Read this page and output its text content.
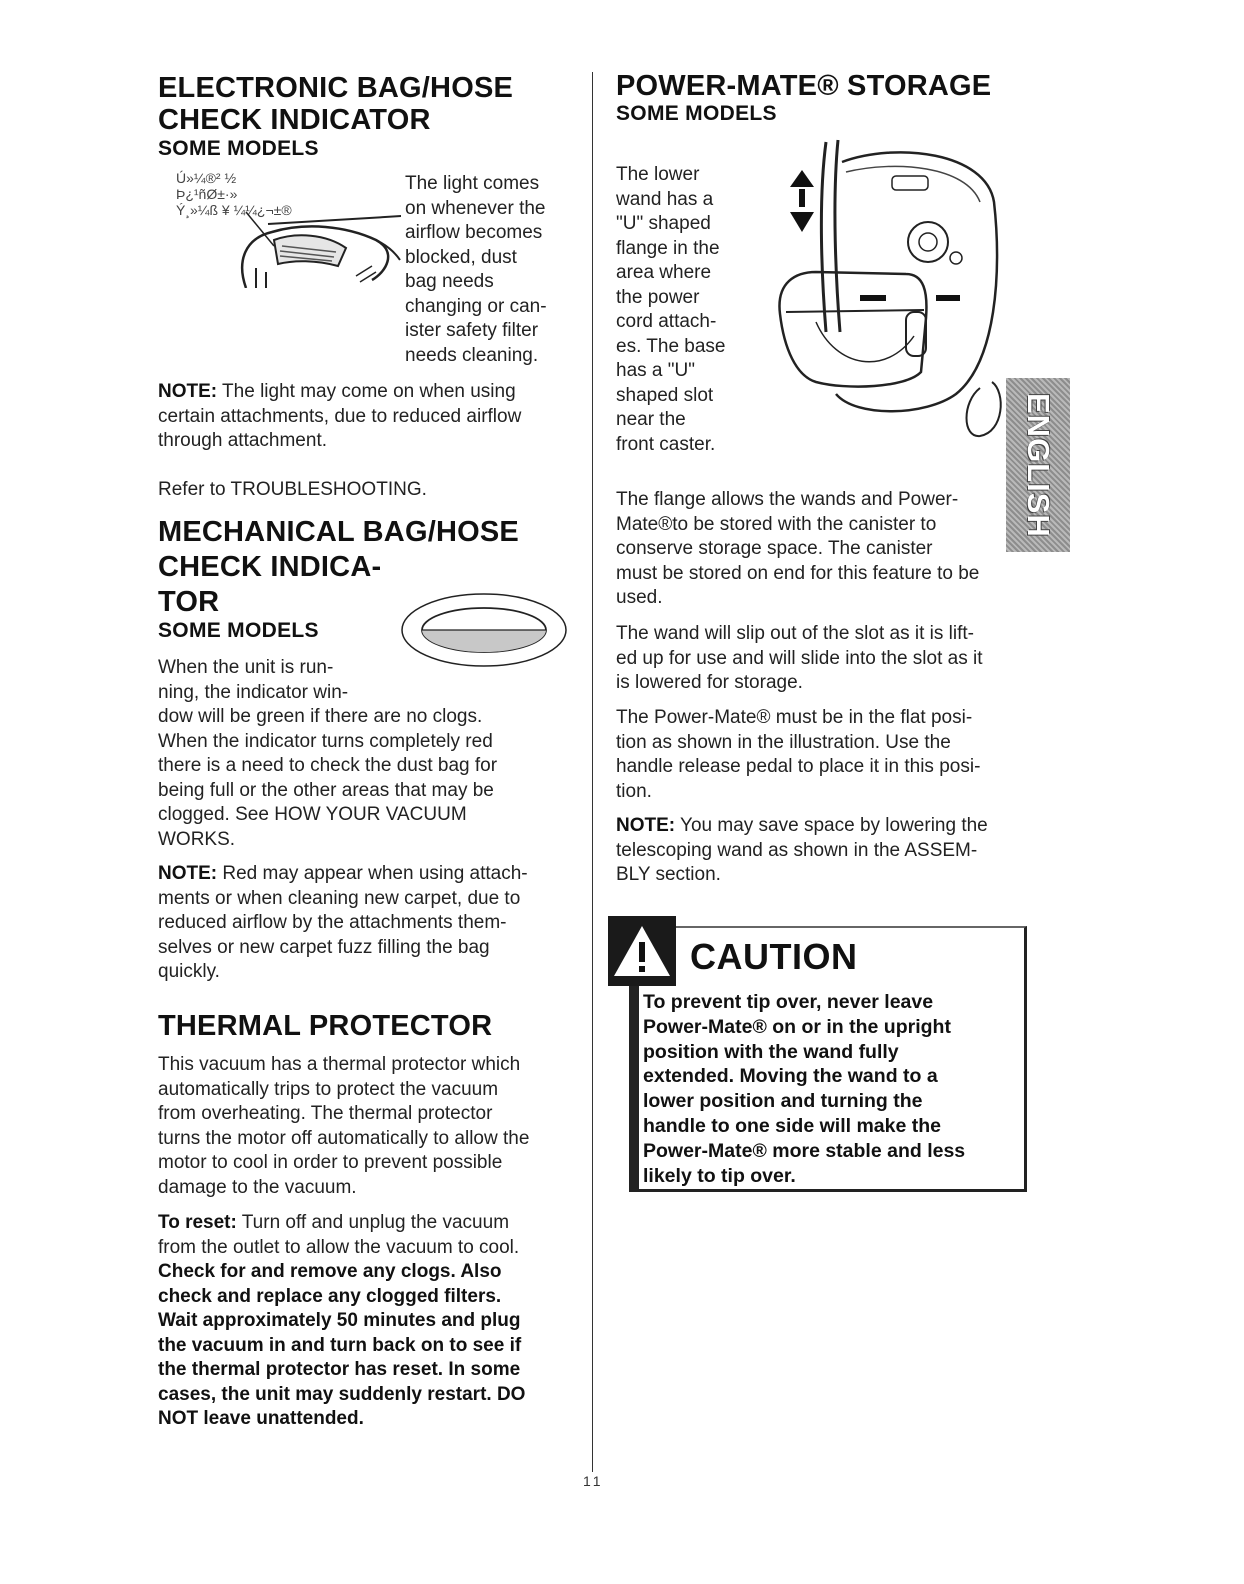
ELECTRONIC BAG/HOSE
CHECK INDICATOR
SOME MODELS
Ú»¼®² ½
Þ¿¹ñØ±·»
Ý¸»¼ß ¥ ¼¼¿¬±®
The light comes
on whenever the
airflow becomes
blocked, dust
bag needs
changing or can-
ister safety filter
needs cleaning.
NOTE: The light may come on when using
certain attachments, due to reduced airflow
through attachment.

Refer to TROUBLESHOOTING.

MECHANICAL BAG/HOSE
CHECK INDICA-
TOR
SOME MODELS
When the unit is run-
ning, the indicator win-
dow will be green if there are no clogs.
When the indicator turns completely red
there is a need to check the dust bag for
being full or the other areas that may be
clogged. See HOW YOUR VACUUM
WORKS.
NOTE: Red may appear when using attach-
ments or when cleaning new carpet, due to
reduced airflow by the attachments them-
selves or new carpet fuzz filling the bag
quickly.
THERMAL PROTECTOR
This vacuum has a thermal protector which
automatically trips to protect the vacuum
from overheating. The thermal protector
turns the motor off automatically to allow the
motor to cool in order to prevent possible
damage to the vacuum.
To reset: Turn off and unplug the vacuum
from the outlet to allow the vacuum to cool.
Check for and remove any clogs. Also
check and replace any clogged filters.
Wait approximately 50 minutes and plug
the vacuum in and turn back on to see if
the thermal protector has reset. In some
cases, the unit may suddenly restart. DO
NOT leave unattended.
POWER-MATE® STORAGE
SOME MODELS
The lower
wand has a
"U" shaped
flange in the
area where
the power
cord attach-
es. The base
has a "U"
shaped slot
near the
front caster.
The flange allows the wands and Power-
Mate®to be stored with the canister to
conserve storage space. The canister
must be stored on end for this feature to be
used.
The wand will slip out of the slot as it is lift-
ed up for use and will slide into the slot as it
is lowered for storage.
The Power-Mate® must be in the flat posi-
tion as shown in the illustration. Use the
handle release pedal to place it in this posi-
tion.
NOTE: You may save space by lowering the
telescoping wand as shown in the ASSEM-
BLY section.
CAUTION
To prevent tip over, never leave
Power-Mate® on or in the upright
position with the wand fully
extended. Moving the wand to a
lower position and turning the
handle to one side will make the
Power-Mate® more stable and less
likely to tip over.
ENGLISH
11
